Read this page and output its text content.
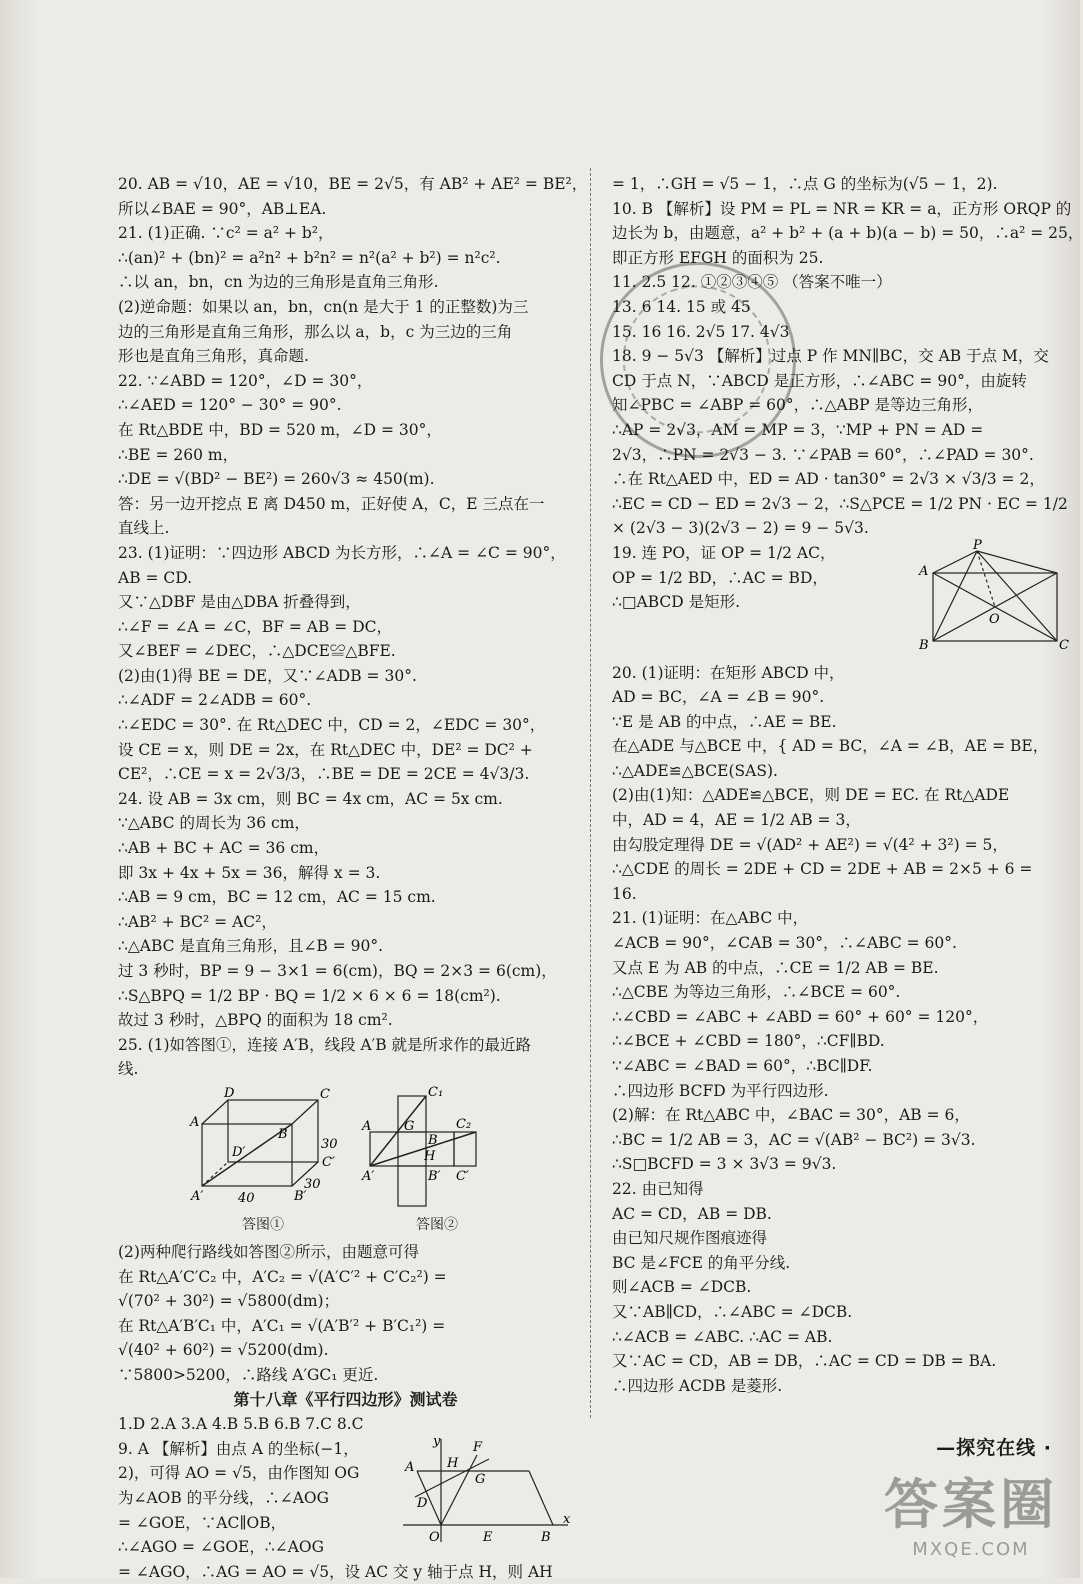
20. AB = √10，AE = √10，BE = 2√5，有 AB² + AE² = BE²，
所以∠BAE = 90°，AB⊥EA.
21. (1)正确. ∵c² = a² + b²，
∴(an)² + (bn)² = a²n² + b²n² = n²(a² + b²) = n²c².
∴以 an，bn，cn 为边的三角形是直角三角形.
(2)逆命题：如果以 an，bn，cn(n 是大于 1 的正整数)为三
边的三角形是直角三角形，那么以 a，b，c 为三边的三角
形也是直角三角形，真命题.
22. ∵∠ABD = 120°，∠D = 30°，
∴∠AED = 120° − 30° = 90°.
在 Rt△BDE 中，BD = 520 m，∠D = 30°，
∴BE = 260 m，
∴DE = √(BD² − BE²) = 260√3 ≈ 450(m).
答：另一边开挖点 E 离 D450 m，正好使 A，C，E 三点在一
直线上.
23. (1)证明：∵四边形 ABCD 为长方形，∴∠A = ∠C = 90°，
AB = CD.
又∵△DBF 是由△DBA 折叠得到，
∴∠F = ∠A = ∠C，BF = AB = DC，
又∠BEF = ∠DEC，∴△DCE≌△BFE.
(2)由(1)得 BE = DE，又∵∠ADB = 30°.
∴∠ADF = 2∠ADB = 60°.
∴∠EDC = 30°. 在 Rt△DEC 中，CD = 2，∠EDC = 30°，
设 CE = x，则 DE = 2x，在 Rt△DEC 中，DE² = DC² +
CE²，∴CE = x = 2√3/3，∴BE = DE = 2CE = 4√3/3.
24. 设 AB = 3x cm，则 BC = 4x cm，AC = 5x cm.
∵△ABC 的周长为 36 cm，
∴AB + BC + AC = 36 cm，
即 3x + 4x + 5x = 36，解得 x = 3.
∴AB = 9 cm，BC = 12 cm，AC = 15 cm.
∴AB² + BC² = AC²，
∴△ABC 是直角三角形，且∠B = 90°.
过 3 秒时，BP = 9 − 3×1 = 6(cm)，BQ = 2×3 = 6(cm)，
∴S△BPQ = 1/2 BP · BQ = 1/2 × 6 × 6 = 18(cm²).
故过 3 秒时，△BPQ 的面积为 18 cm².
25. (1)如答图①，连接 A′B，线段 A′B 就是所求作的最近路
线.
D	C
A
B
D′
30
A′	B′
40
30
C′
答图①
C₁
A	G
B
C₂
H
A′	B′ C′
答图②
(2)两种爬行路线如答图②所示，由题意可得
在 Rt△A′C′C₂ 中，A′C₂ = √(A′C′² + C′C₂²) =
√(70² + 30²) = √5800(dm)；
在 Rt△A′B′C₁ 中，A′C₁ = √(A′B′² + B′C₁²) =
√(40² + 60²) = √5200(dm).
∵5800>5200，∴路线 A′GC₁ 更近.
第十八章《平行四边形》测试卷
1.D 2.A 3.A 4.B 5.B 6.B 7.C 8.C
y
x
A	H
F
G
D
O	E	B
9. A 【解析】由点 A 的坐标(−1，
2)，可得 AO = √5，由作图知 OG
为∠AOB 的平分线，∴∠AOG
= ∠GOE，∵AC∥OB，
∴∠AGO = ∠GOE，∴∠AOG
= ∠AGO，∴AG = AO = √5，设 AC 交 y 轴于点 H，则 AH
= 1，∴GH = √5 − 1，∴点 G 的坐标为(√5 − 1，2).
10. B 【解析】设 PM = PL = NR = KR = a，正方形 ORQP 的
边长为 b，由题意，a² + b² + (a + b)(a − b) = 50，∴a² = 25，
即正方形 EFGH 的面积为 25.
11. 2.5 12. ①②③④⑤ （答案不唯一）
13. 6 14. 15 或 45
15. 16 16. 2√5 17. 4√3
18. 9 − 5√3 【解析】过点 P 作 MN∥BC，交 AB 于点 M，交
CD 于点 N，∵ABCD 是正方形，∴∠ABC = 90°，由旋转
知∠PBC = ∠ABP = 60°，∴△ABP 是等边三角形，
∴AP = 2√3，AM = MP = 3，∵MP + PN = AD =
2√3，∴PN = 2√3 − 3. ∵∠PAB = 60°，∴∠PAD = 30°.
∴在 Rt△AED 中，ED = AD · tan30° = 2√3 × √3/3 = 2，
∴EC = CD − ED = 2√3 − 2，∴S△PCE = 1/2 PN · EC = 1/2
× (2√3 − 3)(2√3 − 2) = 9 − 5√3.
P
A
O
B	C
19. 连 PO，证 OP = 1/2 AC，
OP = 1/2 BD，∴AC = BD，
∴□ABCD 是矩形.
20. (1)证明：在矩形 ABCD 中，
AD = BC，∠A = ∠B = 90°.
∵E 是 AB 的中点，∴AE = BE.
在△ADE 与△BCE 中，{ AD = BC，∠A = ∠B，AE = BE，
∴△ADE≌△BCE(SAS).
(2)由(1)知：△ADE≌△BCE，则 DE = EC. 在 Rt△ADE
中，AD = 4，AE = 1/2 AB = 3，
由勾股定理得 DE = √(AD² + AE²) = √(4² + 3²) = 5，
∴△CDE 的周长 = 2DE + CD = 2DE + AB = 2×5 + 6 =
16.
21. (1)证明：在△ABC 中，
∠ACB = 90°，∠CAB = 30°，∴∠ABC = 60°.
又点 E 为 AB 的中点，∴CE = 1/2 AB = BE.
∴△CBE 为等边三角形，∴∠BCE = 60°.
∴∠CBD = ∠ABC + ∠ABD = 60° + 60° = 120°，
∴∠BCE + ∠CBD = 180°，∴CF∥BD.
∵∠ABC = ∠BAD = 60°，∴BC∥DF.
∴四边形 BCFD 为平行四边形.
(2)解：在 Rt△ABC 中，∠BAC = 30°，AB = 6，
∴BC = 1/2 AB = 3，AC = √(AB² − BC²) = 3√3.
∴S□BCFD = 3 × 3√3 = 9√3.
22. 由已知得
AC = CD，AB = DB.
由已知尺规作图痕迹得
BC 是∠FCE 的角平分线.
则∠ACB = ∠DCB.
又∵AB∥CD，∴∠ABC = ∠DCB.
∴∠ACB = ∠ABC. ∴AC = AB.
又∵AC = CD，AB = DB，∴AC = CD = DB = BA.
∴四边形 ACDB 是菱形.
—探究在线 ·
答案圈
MXQE.COM
